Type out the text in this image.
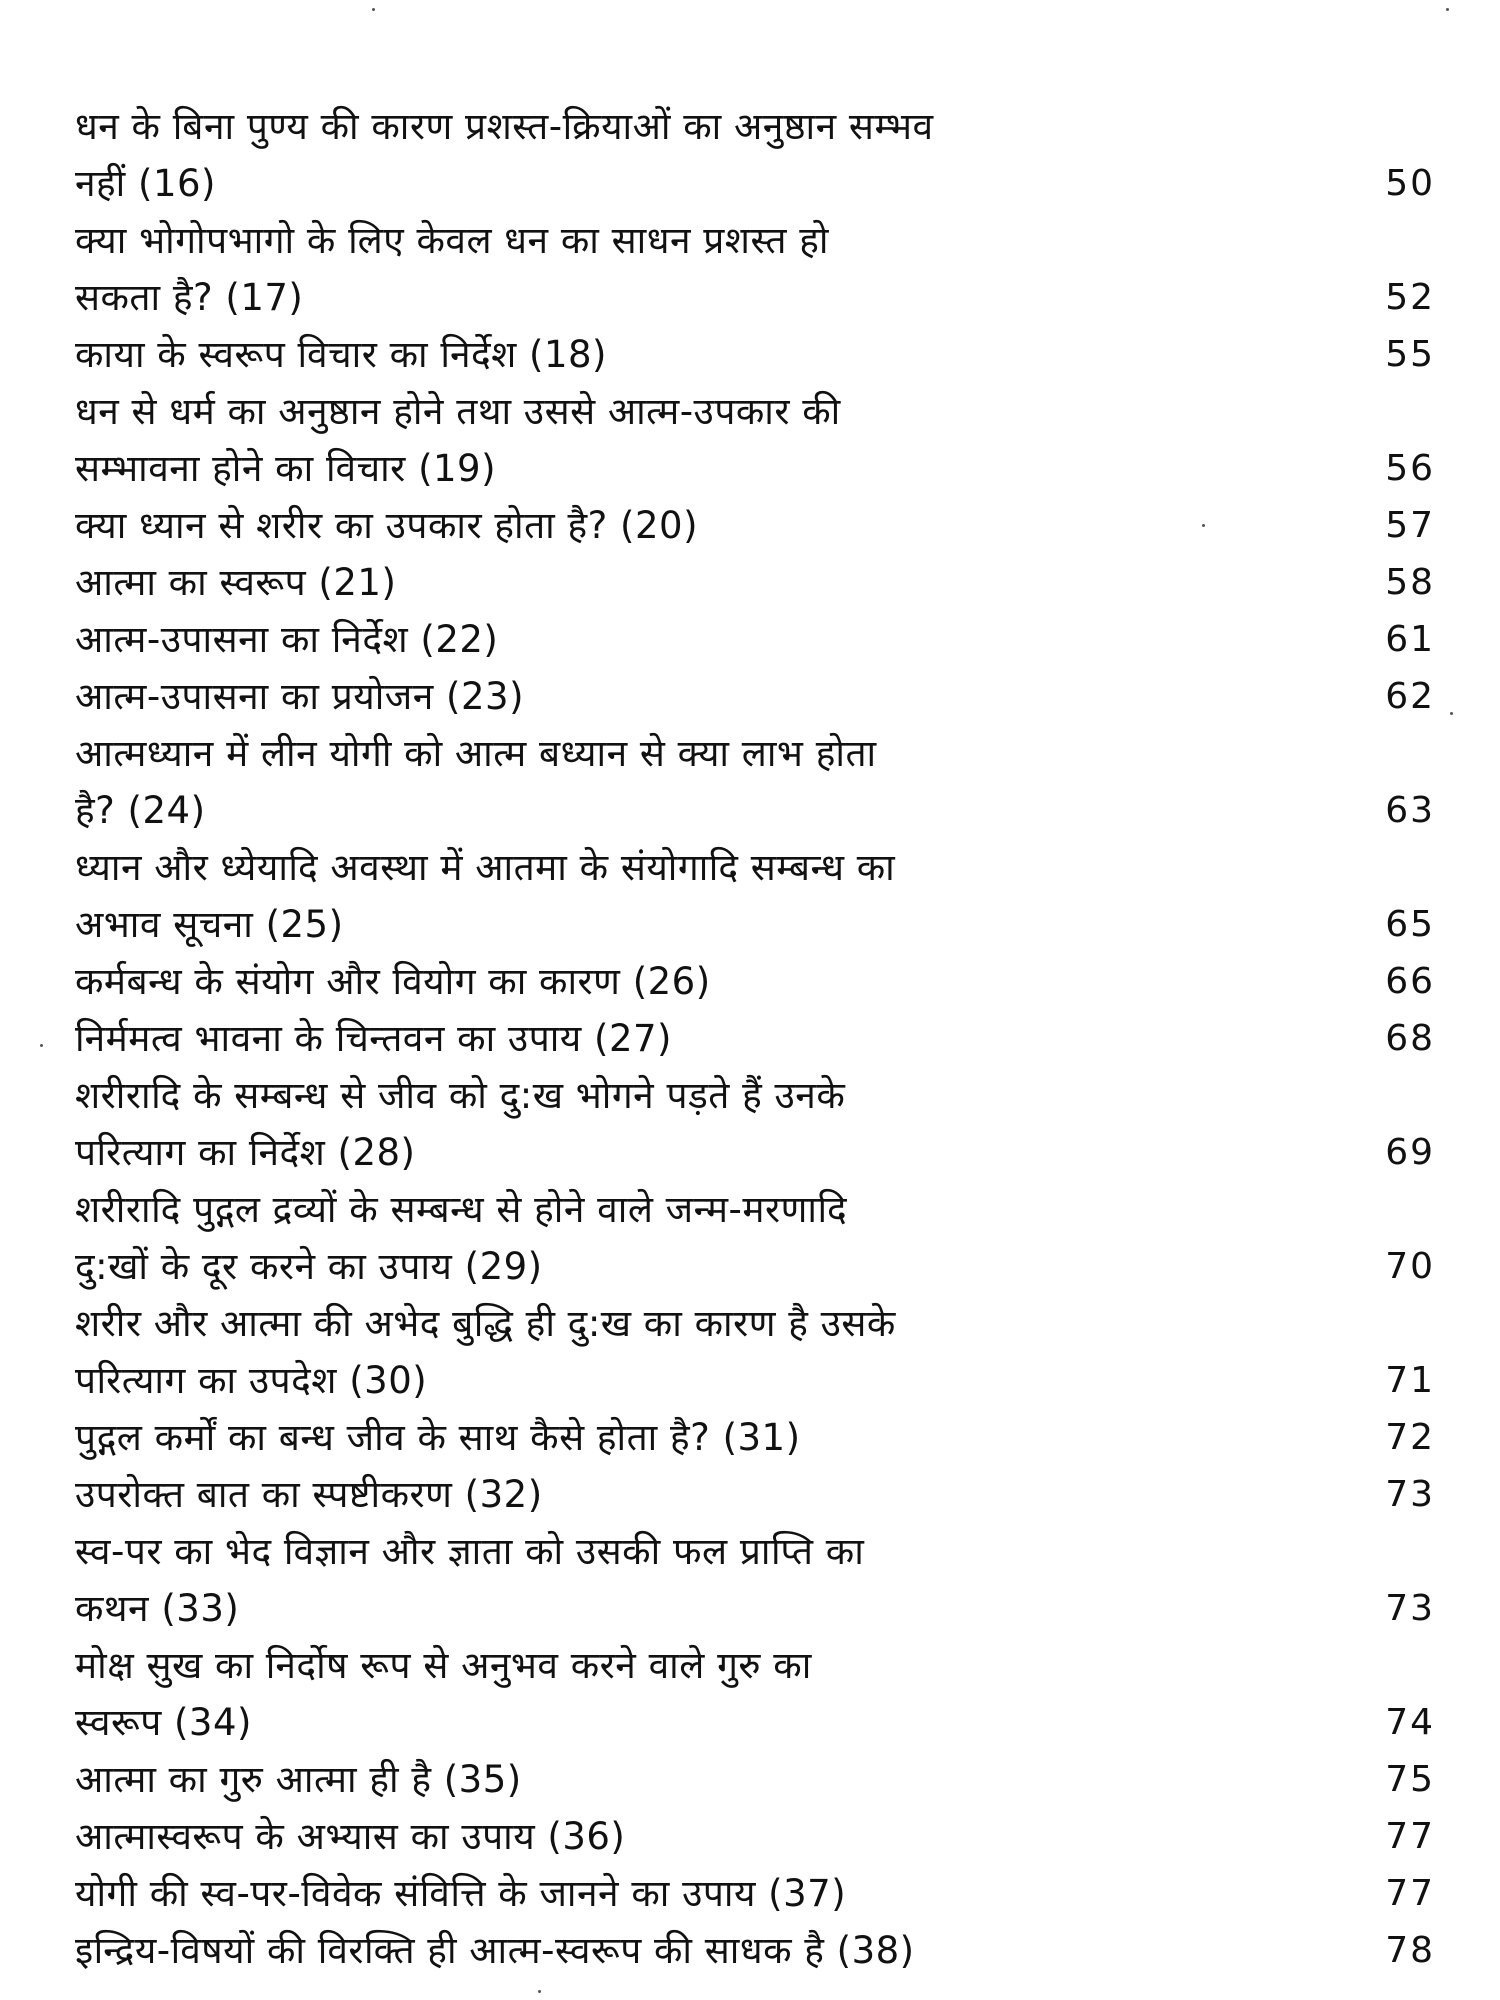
धन के बिना पुण्य की कारण प्रशस्त-क्रियाओं का अनुष्ठान सम्भव
नहीं (16)	50
क्या भोगोपभागो के लिए केवल धन का साधन प्रशस्त हो
सकता है? (17)	52
काया के स्वरूप विचार का निर्देश (18)	55
धन से धर्म का अनुष्ठान होने तथा उससे आत्म-उपकार की
सम्भावना होने का विचार (19)	56
क्या ध्यान से शरीर का उपकार होता है? (20)	57
आत्मा का स्वरूप (21)	58
आत्म-उपासना का निर्देश (22)	61
आत्म-उपासना का प्रयोजन (23)	62
आत्मध्यान में लीन योगी को आत्म बध्यान से क्या लाभ होता
है? (24)	63
ध्यान और ध्येयादि अवस्था में आतमा के संयोगादि सम्बन्ध का
अभाव सूचना (25)	65
कर्मबन्ध के संयोग और वियोग का कारण (26)	66
निर्ममत्व भावना के चिन्तवन का उपाय (27)	68
शरीरादि के सम्बन्ध से जीव को दु:ख भोगने पड़ते हैं उनके
परित्याग का निर्देश (28)	69
शरीरादि पुद्गल द्रव्यों के सम्बन्ध से होने वाले जन्म-मरणादि
दु:खों के दूर करने का उपाय (29)	70
शरीर और आत्मा की अभेद बुद्धि ही दु:ख का कारण है उसके
परित्याग का उपदेश (30)	71
पुद्गल कर्मों का बन्ध जीव के साथ कैसे होता है? (31)	72
उपरोक्त बात का स्पष्टीकरण (32)	73
स्व-पर का भेद विज्ञान और ज्ञाता को उसकी फल प्राप्ति का
कथन (33)	73
मोक्ष सुख का निर्दोष रूप से अनुभव करने वाले गुरु का
स्वरूप (34)	74
आत्मा का गुरु आत्मा ही है (35)	75
आत्मास्वरूप के अभ्यास का उपाय (36)	77
योगी की स्व-पर-विवेक संवित्ति के जानने का उपाय (37)	77
इन्द्रिय-विषयों की विरक्ति ही आत्म-स्वरूप की साधक है (38)	78
